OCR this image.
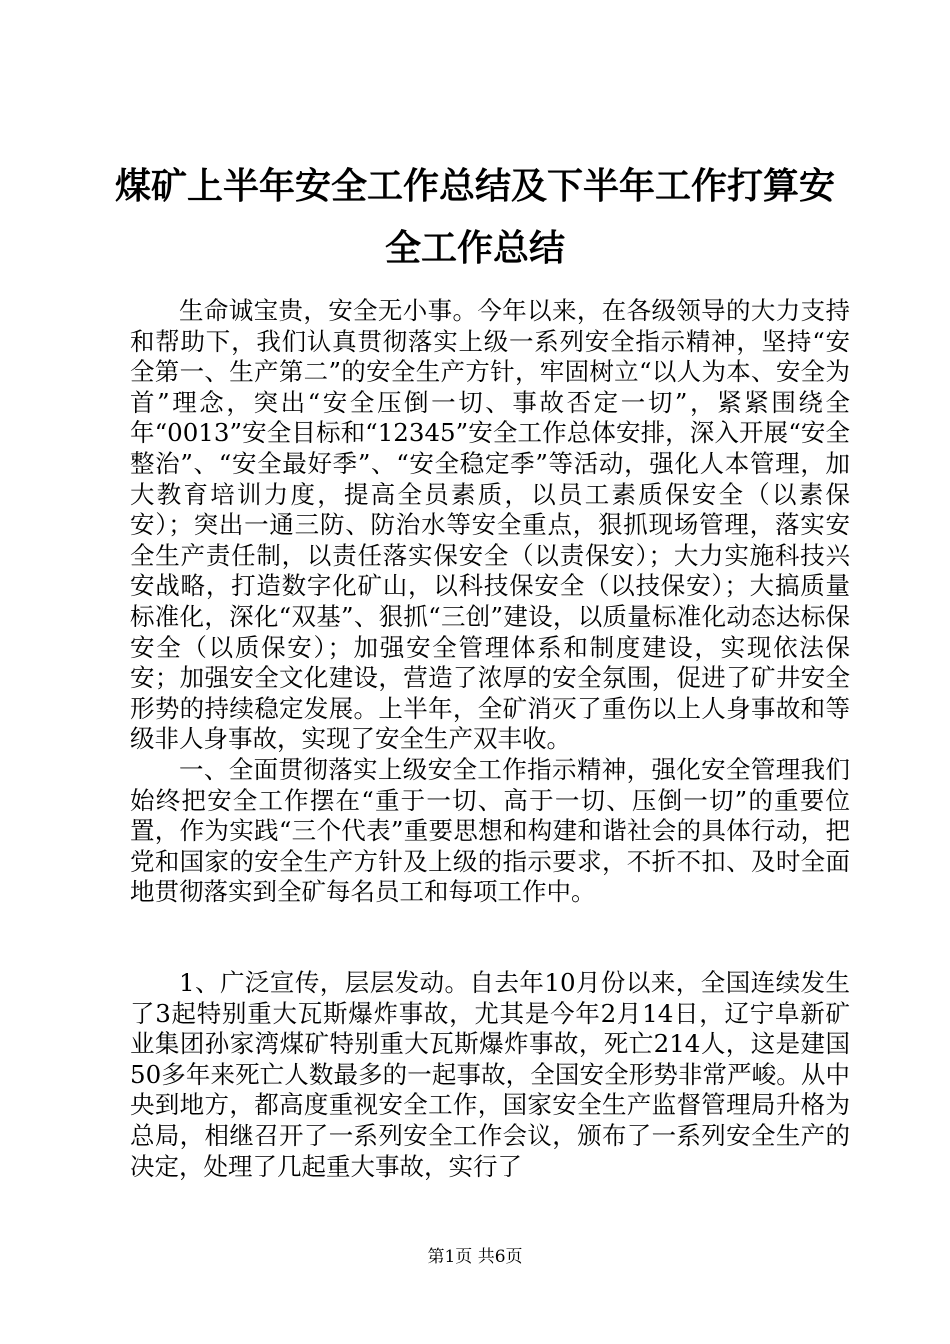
煤矿上半年安全工作总结及下半年工作打算安全工作总结

生命诚宝贵，安全无小事。今年以来，在各级领导的大力支持和帮助下，我们认真贯彻落实上级一系列安全指示精神，坚持“安全第一、生产第二”的安全生产方针，牢固树立“以人为本、安全为首”理念，突出“安全压倒一切、事故否定一切”，紧紧围绕全年“0013”安全目标和“12345”安全工作总体安排，深入开展“安全整治”、“安全最好季”、“安全稳定季”等活动，强化人本管理，加大教育培训力度，提高全员素质，以员工素质保安全（以素保安）；突出一通三防、防治水等安全重点，狠抓现场管理，落实安全生产责任制，以责任落实保安全（以责保安）；大力实施科技兴安战略，打造数字化矿山，以科技保安全（以技保安）；大搞质量标准化，深化“双基”、狠抓“三创”建设，以质量标准化动态达标保安全（以质保安）；加强安全管理体系和制度建设，实现依法保安；加强安全文化建设，营造了浓厚的安全氛围，促进了矿井安全形势的持续稳定发展。上半年，全矿消灭了重伤以上人身事故和等级非人身事故，实现了安全生产双丰收。

一、全面贯彻落实上级安全工作指示精神，强化安全管理我们始终把安全工作摆在“重于一切、高于一切、压倒一切”的重要位置，作为实践“三个代表”重要思想和构建和谐社会的具体行动，把党和国家的安全生产方针及上级的指示要求，不折不扣、及时全面地贯彻落实到全矿每名员工和每项工作中。

1、广泛宣传，层层发动。自去年10月份以来，全国连续发生了3起特别重大瓦斯爆炸事故，尤其是今年2月14日，辽宁阜新矿业集团孙家湾煤矿特别重大瓦斯爆炸事故，死亡214人，这是建国50多年来死亡人数最多的一起事故，全国安全形势非常严峻。从中央到地方，都高度重视安全工作，国家安全生产监督管理局升格为总局，相继召开了一系列安全工作会议，颁布了一系列安全生产的决定，处理了几起重大事故，实行了

第1页 共6页
